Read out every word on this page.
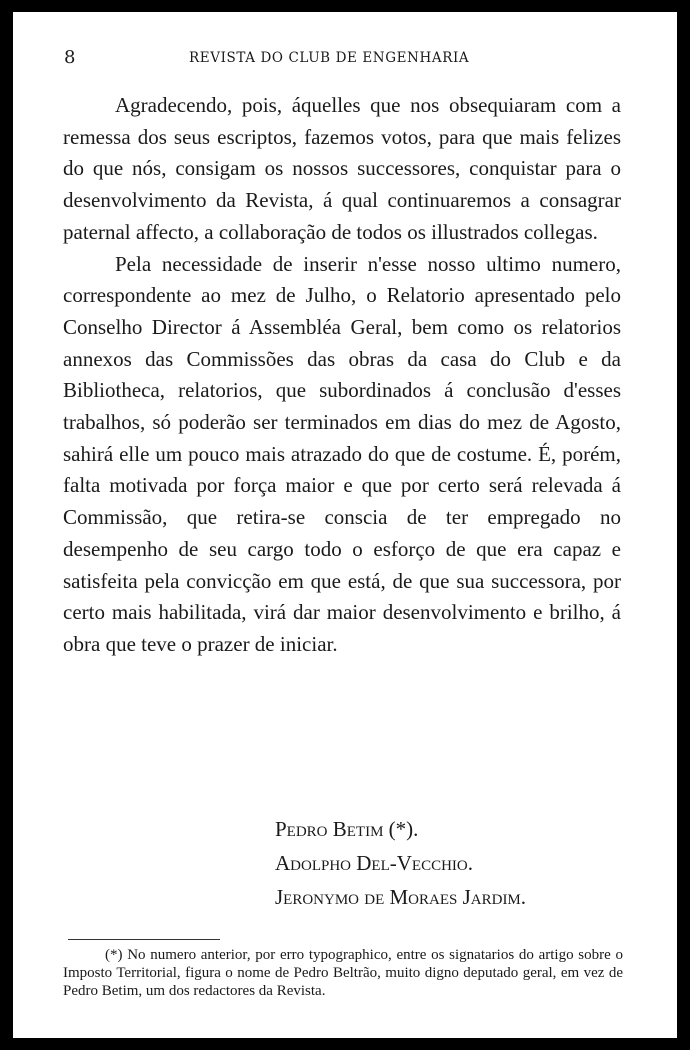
8	REVISTA DO CLUB DE ENGENHARIA

Agradecendo, pois, áquelles que nos obsequiaram com a remessa dos seus escriptos, fazemos votos, para que mais felizes do que nós, consigam os nossos successores, conquistar para o desenvolvimento da Revista, á qual continuaremos a consagrar paternal affecto, a collaboração de todos os illustrados collegas.

Pela necessidade de inserir n'esse nosso ultimo numero, correspondente ao mez de Julho, o Relatorio apresentado pelo Conselho Director á Assembléa Geral, bem como os relatorios annexos das Commissões das obras da casa do Club e da Bibliotheca, relatorios, que subordinados á conclusão d'esses trabalhos, só poderão ser terminados em dias do mez de Agosto, sahirá elle um pouco mais atrazado do que de costume. É, porém, falta motivada por força maior e que por certo será relevada á Commissão, que retira-se conscia de ter empregado no desempenho de seu cargo todo o esforço de que era capaz e satisfeita pela convicção em que está, de que sua successora, por certo mais habilitada, virá dar maior desenvolvimento e brilho, á obra que teve o prazer de iniciar.

Pedro Betim (*).
Adolpho Del-Vecchio.
Jeronymo de Moraes Jardim.

(*) No numero anterior, por erro typographico, entre os signatarios do artigo sobre o Imposto Territorial, figura o nome de Pedro Beltrão, muito digno deputado geral, em vez de Pedro Betim, um dos redactores da Revista.
